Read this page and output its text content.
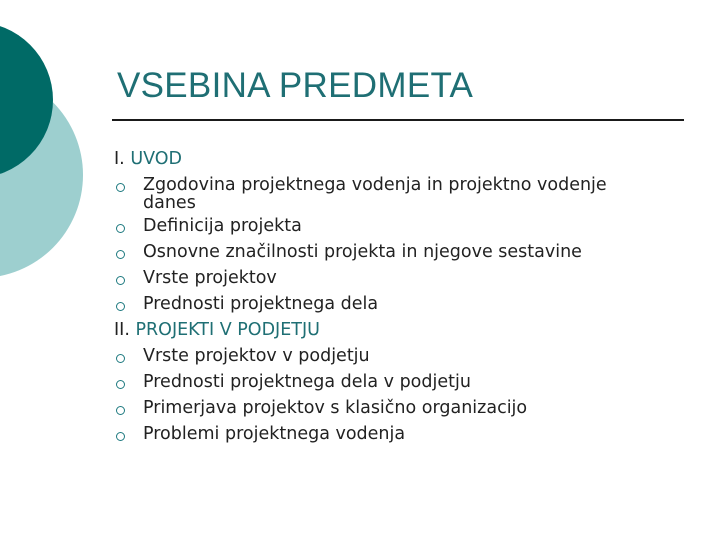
VSEBINA PREDMETA
I. UVOD
Zgodovina projektnega vodenja in projektno vodenje
danes
Definicija projekta
Osnovne značilnosti projekta in njegove sestavine
Vrste projektov
Prednosti projektnega dela
II. PROJEKTI V PODJETJU
Vrste projektov v podjetju
Prednosti projektnega dela v podjetju
Primerjava projektov s klasično organizacijo
Problemi projektnega vodenja
